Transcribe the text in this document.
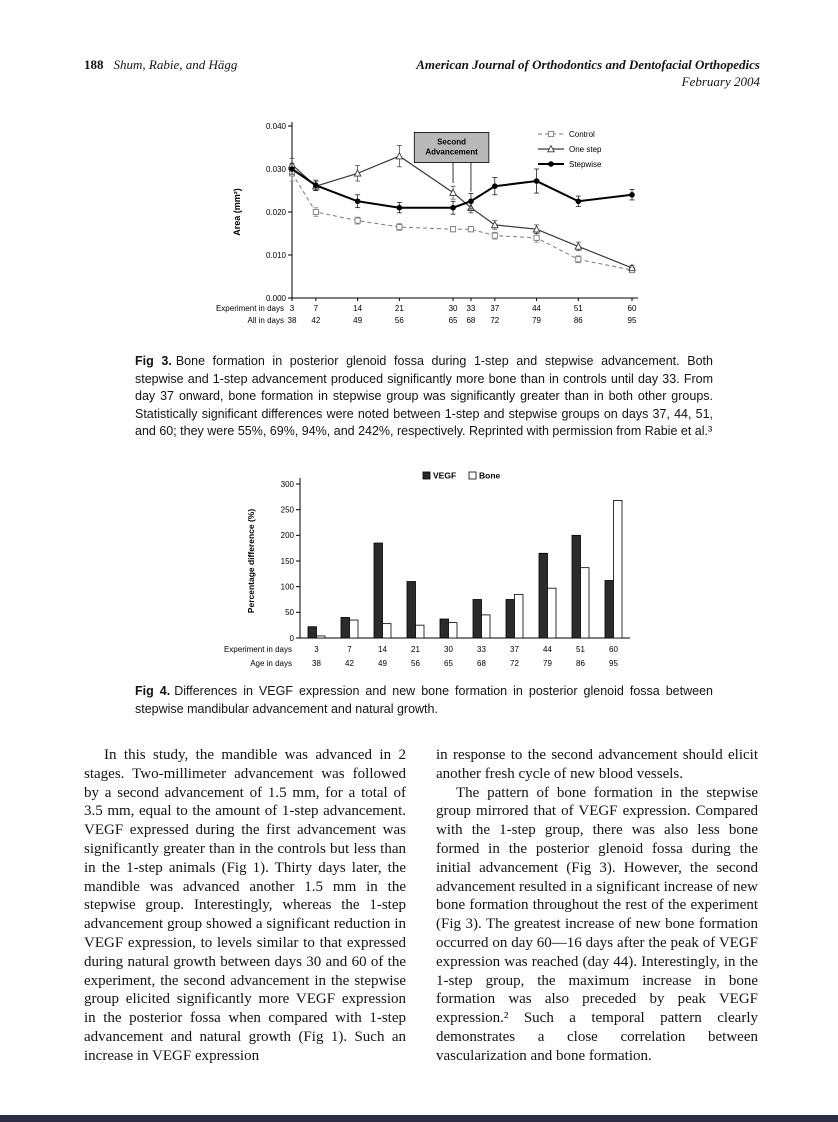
188 Shum, Rabie, and Hägg	American Journal of Orthodontics and Dentofacial Orthopedics
February 2004
0.000
0.010
0.020
0.030
0.040
Area (mm²)
3
38
7
42
14
49
21
56
30
65
33
68
37
72
44
79
51
86
60
95
Experiment in days
All in days
Second
Advancement
Control
One step
Stepwise
Fig 3. Bone formation in posterior glenoid fossa during 1-step and stepwise advancement. Both stepwise and 1-step advancement produced significantly more bone than in controls until day 33. From day 37 onward, bone formation in stepwise group was significantly greater than in both other groups. Statistically significant differences were noted between 1-step and stepwise groups on days 37, 44, 51, and 60; they were 55%, 69%, 94%, and 242%, respectively. Reprinted with permission from Rabie et al.³
0
50
100
150
200
250
300
Percentage difference (%)
3
38
7
42
14
49
21
56
30
65
33
68
37
72
44
79
51
86
60
95
Experiment in days
Age in days
VEGF	Bone
Fig 4. Differences in VEGF expression and new bone formation in posterior glenoid fossa between stepwise mandibular advancement and natural growth.

In this study, the mandible was advanced in 2 stages. Two-millimeter advancement was followed by a second advancement of 1.5 mm, for a total of 3.5 mm, equal to the amount of 1-step advancement. VEGF expressed during the first advancement was significantly greater than in the controls but less than in the 1-step animals (Fig 1). Thirty days later, the mandible was advanced another 1.5 mm in the stepwise group. Interestingly, whereas the 1-step advancement group showed a significant reduction in VEGF expression, to levels similar to that expressed during natural growth between days 30 and 60 of the experiment, the second advancement in the stepwise group elicited significantly more VEGF expression in the posterior fossa when compared with 1-step advancement and natural growth (Fig 1). Such an increase in VEGF expression

in response to the second advancement should elicit another fresh cycle of new blood vessels.

The pattern of bone formation in the stepwise group mirrored that of VEGF expression. Compared with the 1-step group, there was also less bone formed in the posterior glenoid fossa during the initial advancement (Fig 3). However, the second advancement resulted in a significant increase of new bone formation throughout the rest of the experiment (Fig 3). The greatest increase of new bone formation occurred on day 60—16 days after the peak of VEGF expression was reached (day 44). Interestingly, in the 1-step group, the maximum increase in bone formation was also preceded by peak VEGF expression.² Such a temporal pattern clearly demonstrates a close correlation between vascularization and bone formation.
